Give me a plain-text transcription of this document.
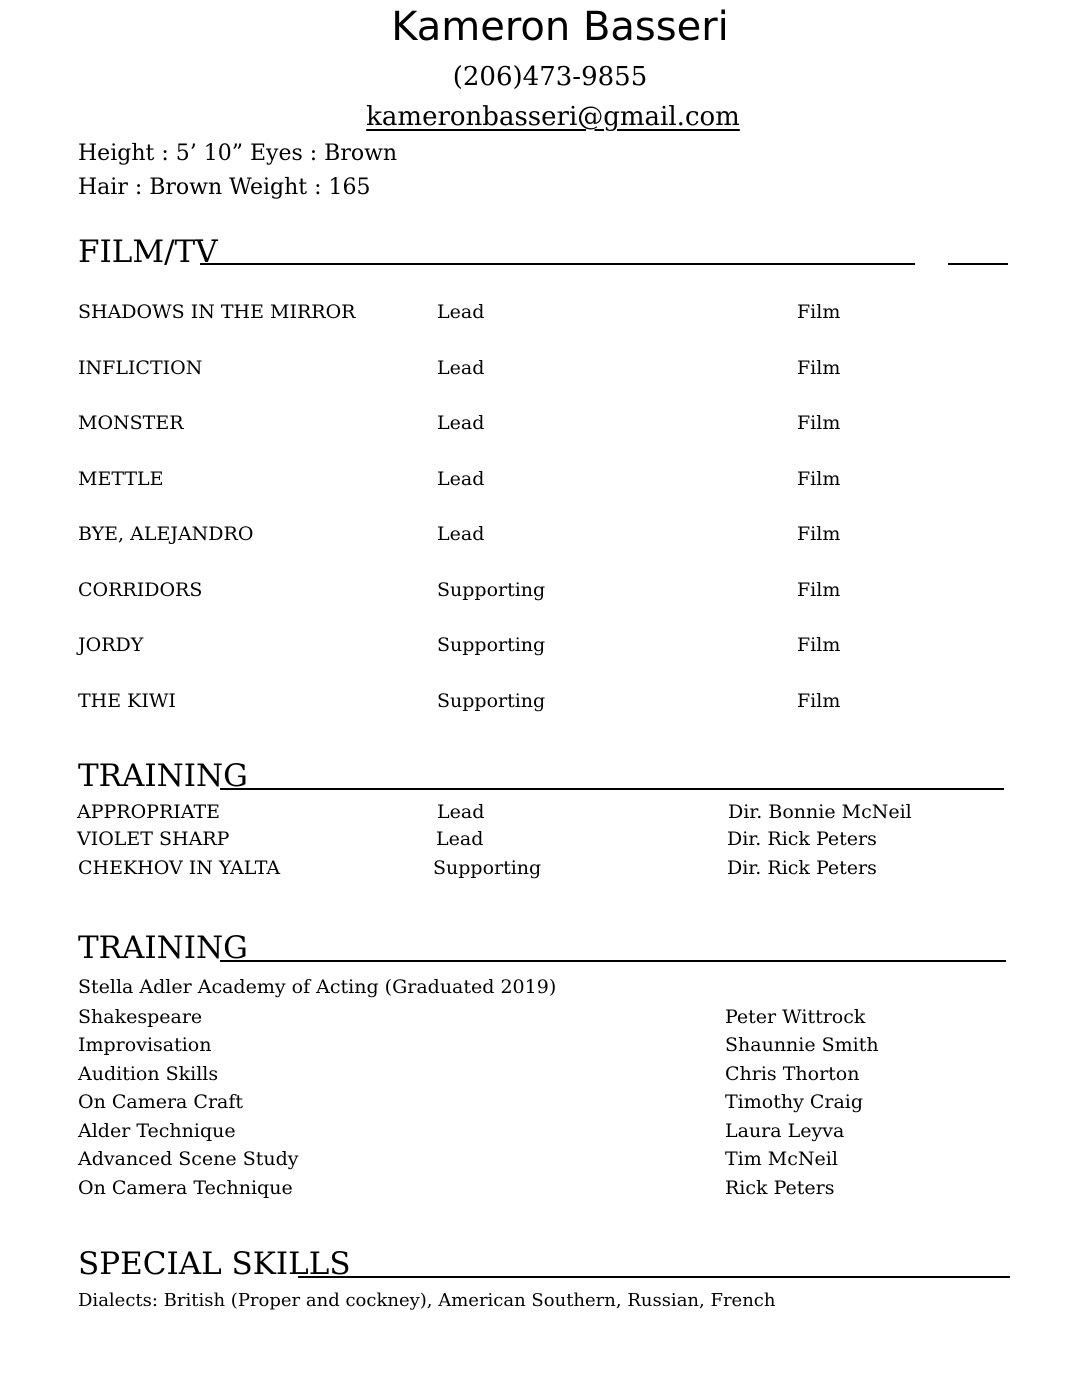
Kameron Basseri
(206)473-9855
kameronbasseri@gmail.com
Height : 5’ 10” Eyes : Brown
Hair : Brown Weight : 165
FILM/TV
SHADOWS IN THE MIRROR	Lead	Film
INFLICTION	Lead	Film
MONSTER	Lead	Film
METTLE	Lead	Film
BYE, ALEJANDRO	Lead	Film
CORRIDORS	Supporting	Film
JORDY	Supporting	Film
THE KIWI	Supporting	Film
TRAINING
APPROPRIATE	Lead	Dir. Bonnie McNeil
VIOLET SHARP	Lead	Dir. Rick Peters
CHEKHOV IN YALTA	Supporting	Dir. Rick Peters
TRAINING
Stella Adler Academy of Acting (Graduated 2019)
Shakespeare	Peter Wittrock
Improvisation	Shaunnie Smith
Audition Skills	Chris Thorton
On Camera Craft	Timothy Craig
Alder Technique	Laura Leyva
Advanced Scene Study	Tim McNeil
On Camera Technique	Rick Peters
SPECIAL SKILLS
Dialects: British (Proper and cockney), American Southern, Russian, French
